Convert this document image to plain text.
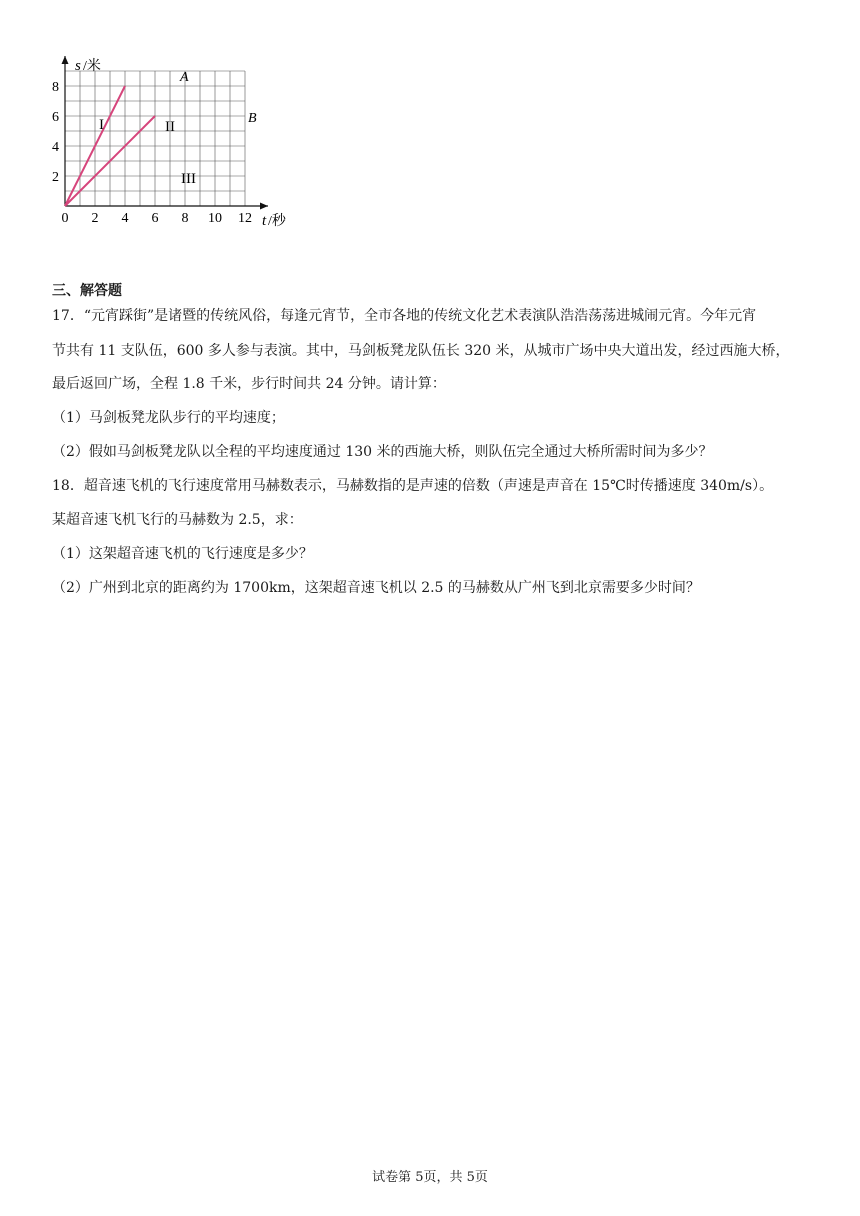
s /米
t /秒
0 2 4 6 8 10 12
2
4
6
8
A
B
I	II
III
三、解答题

17．“元宵踩街”是诸暨的传统风俗，每逢元宵节，全市各地的传统文化艺术表演队浩浩荡荡进城闹元宵。今年元宵

节共有 11 支队伍，600 多人参与表演。其中，马剑板凳龙队伍长 320 米，从城市广场中央大道出发，经过西施大桥，

最后返回广场，全程 1.8 千米，步行时间共 24 分钟。请计算：

（1）马剑板凳龙队步行的平均速度；

（2）假如马剑板凳龙队以全程的平均速度通过 130 米的西施大桥，则队伍完全通过大桥所需时间为多少？

18．超音速飞机的飞行速度常用马赫数表示，马赫数指的是声速的倍数（声速是声音在 15℃时传播速度 340m/s）。

某超音速飞机飞行的马赫数为 2.5，求：

（1）这架超音速飞机的飞行速度是多少？

（2）广州到北京的距离约为 1700km，这架超音速飞机以 2.5 的马赫数从广州飞到北京需要多少时间？

试卷第 5页，共 5页
